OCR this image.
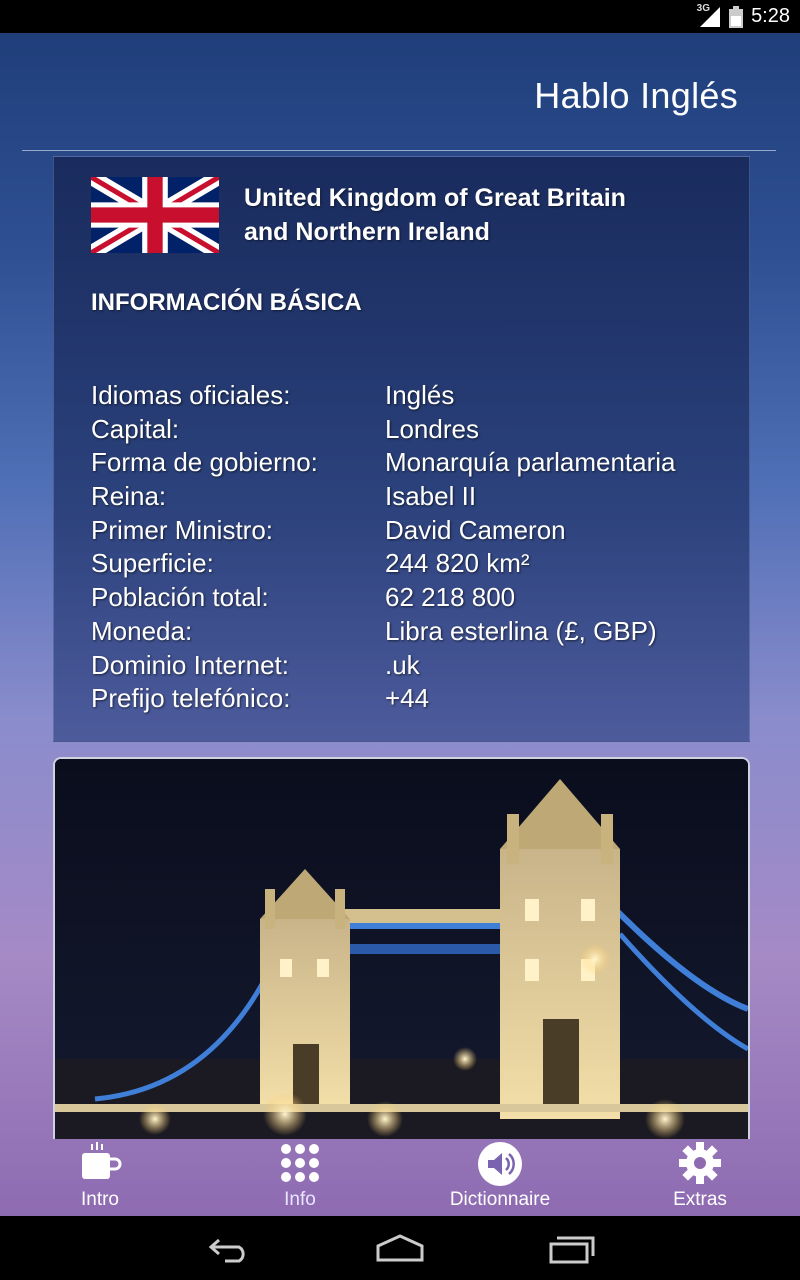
3G 5:28
Hablo Inglés
United Kingdom of Great Britain
and Northern Ireland
INFORMACIÓN BÁSICA
Idiomas oficiales:	Inglés
Capital:	Londres
Forma de gobierno:	Monarquía parlamentaria
Reina:	Isabel II
Primer Ministro:	David Cameron
Superficie:	244 820 km²
Población total:	62 218 800
Moneda:	Libra esterlina (£, GBP)
Dominio Internet:	.uk
Prefijo telefónico:	+44
Intro	Info	Dictionnaire	Extras
